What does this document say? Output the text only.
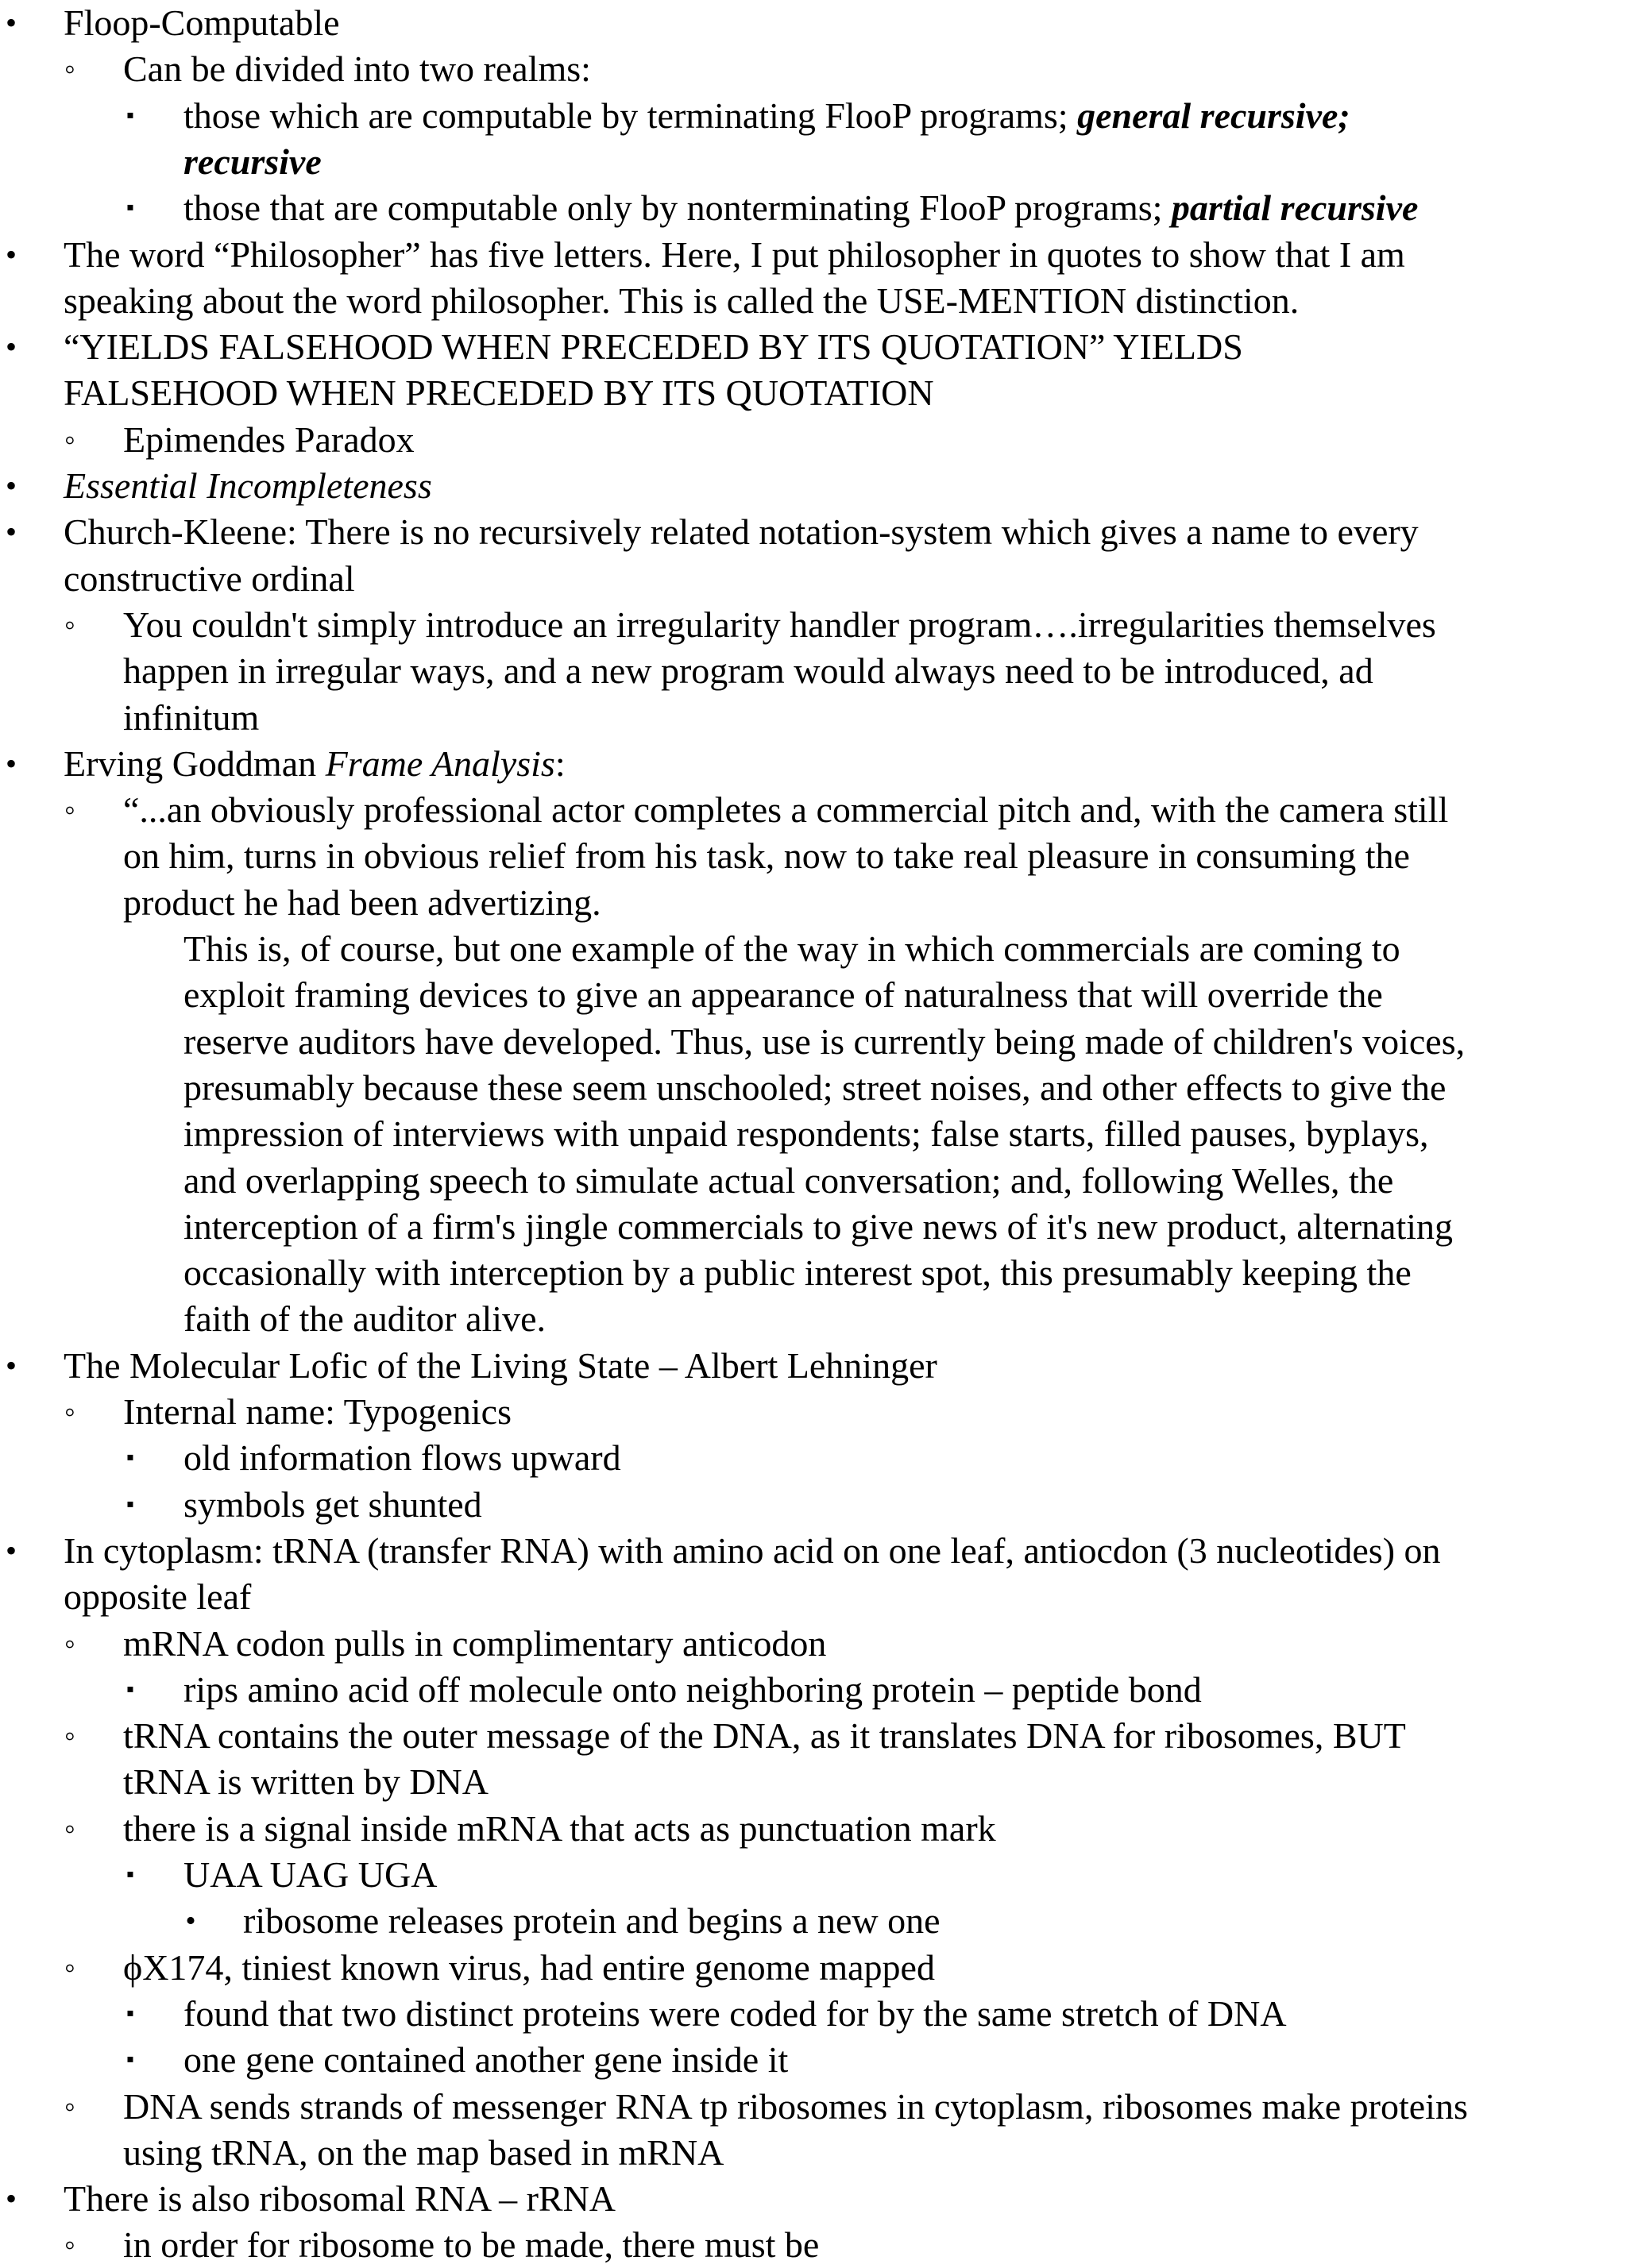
• Floop-Computable
◦ Can be divided into two realms:
▪	those which are computable by terminating FlooP programs; general recursive;
recursive
▪	those that are computable only by nonterminating FlooP programs; partial recursive
• The word “Philosopher” has five letters. Here, I put philosopher in quotes to show that I am
speaking about the word philosopher. This is called the USE-MENTION distinction.
• “YIELDS FALSEHOOD WHEN PRECEDED BY ITS QUOTATION” YIELDS
FALSEHOOD WHEN PRECEDED BY ITS QUOTATION
◦ Epimendes Paradox
• Essential Incompleteness
• Church-Kleene: There is no recursively related notation-system which gives a name to every
constructive ordinal
◦ You couldn't simply introduce an irregularity handler program….irregularities themselves
happen in irregular ways, and a new program would always need to be introduced, ad
infinitum
• Erving Goddman Frame Analysis:
◦ “...an obviously professional actor completes a commercial pitch and, with the camera still
on him, turns in obvious relief from his task, now to take real pleasure in consuming the
product he had been advertizing.
This is, of course, but one example of the way in which commercials are coming to
exploit framing devices to give an appearance of naturalness that will override the
reserve auditors have developed. Thus, use is currently being made of children's voices,
presumably because these seem unschooled; street noises, and other effects to give the
impression of interviews with unpaid respondents; false starts, filled pauses, byplays,
and overlapping speech to simulate actual conversation; and, following Welles, the
interception of a firm's jingle commercials to give news of it's new product, alternating
occasionally with interception by a public interest spot, this presumably keeping the
faith of the auditor alive.
• The Molecular Lofic of the Living State – Albert Lehninger
◦ Internal name: Typogenics
▪	old information flows upward
▪	symbols get shunted
• In cytoplasm: tRNA (transfer RNA) with amino acid on one leaf, antiocdon (3 nucleotides) on
opposite leaf
◦ mRNA codon pulls in complimentary anticodon
▪	rips amino acid off molecule onto neighboring protein – peptide bond
◦ tRNA contains the outer message of the DNA, as it translates DNA for ribosomes, BUT
tRNA is written by DNA
◦ there is a signal inside mRNA that acts as punctuation mark
▪	UAA UAG UGA
• ribosome releases protein and begins a new one
◦ ϕX174, tiniest known virus, had entire genome mapped
▪	found that two distinct proteins were coded for by the same stretch of DNA
▪	one gene contained another gene inside it
◦ DNA sends strands of messenger RNA tp ribosomes in cytoplasm, ribosomes make proteins
using tRNA, on the map based in mRNA
• There is also ribosomal RNA – rRNA
◦ in order for ribosome to be made, there must be
